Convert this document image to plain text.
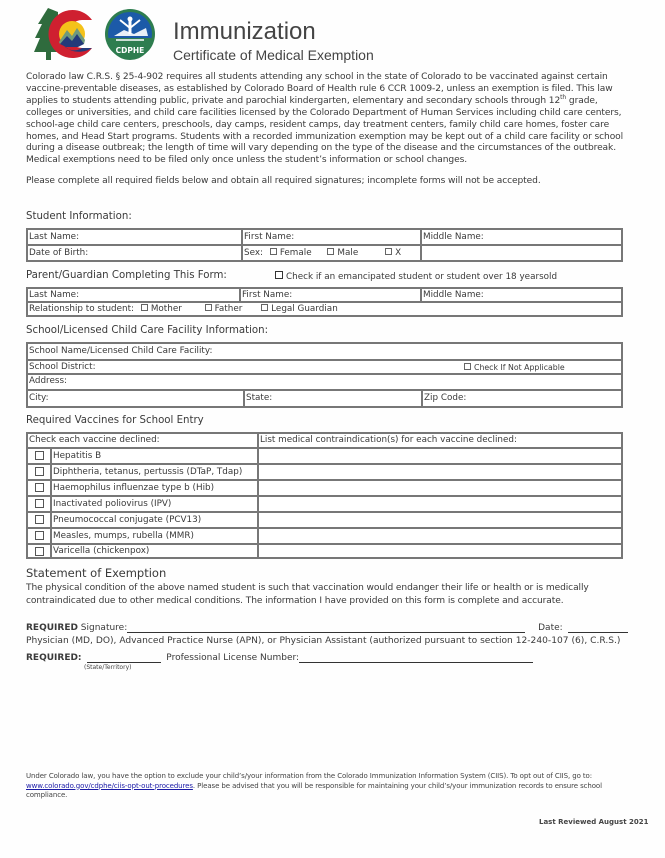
CDPHE
Immunization
Certificate of Medical Exemption
Colorado law C.R.S. § 25-4-902 requires all students attending any school in the state of Colorado to be vaccinated against certain vaccine-preventable diseases, as established by Colorado Board of Health rule 6 CCR 1009-2, unless an exemption is filed. This law applies to students attending public, private and parochial kindergarten, elementary and secondary schools through 12th grade, colleges or universities, and child care facilities licensed by the Colorado Department of Human Services including child care centers, school-age child care centers, preschools, day camps, resident camps, day treatment centers, family child care homes, foster care homes, and Head Start programs. Students with a recorded immunization exemption may be kept out of a child care facility or school during a disease outbreak; the length of time will vary depending on the type of the disease and the circumstances of the outbreak. Medical exemptions need to be filed only once unless the student’s information or school changes.
Please complete all required fields below and obtain all required signatures; incomplete forms will not be accepted.
Student Information:
Last Name:	First Name:	Middle Name:
Date of Birth:	Sex: Female	Male	X
Parent/Guardian Completing This Form:	Check if an emancipated student or student over 18 yearsold
Last Name:	First Name:	Middle Name:
Relationship to student: Mother	Father	Legal Guardian
School/Licensed Child Care Facility Information:
School Name/Licensed Child Care Facility:
School District:	Check If Not Applicable
Address:
City:	State:	Zip Code:
Required Vaccines for School Entry
Check each vaccine declined:	List medical contraindication(s) for each vaccine declined:
Hepatitis B
Diphtheria, tetanus, pertussis (DTaP, Tdap)
Haemophilus influenzae type b (Hib)
Inactivated poliovirus (IPV)
Pneumococcal conjugate (PCV13)
Measles, mumps, rubella (MMR)
Varicella (chickenpox)
Statement of Exemption
The physical condition of the above named student is such that vaccination would endanger their life or health or is medically contraindicated due to other medical conditions. The information I have provided on this form is complete and accurate.
REQUIRED Signature:	Date:
Physician (MD, DO), Advanced Practice Nurse (APN), or Physician Assistant (authorized pursuant to section 12-240-107 (6), C.R.S.)
REQUIRED:	Professional License Number:
(State/Territory)
Under Colorado law, you have the option to exclude your child’s/your information from the Colorado Immunization Information System (CIIS). To opt out of CIIS, go to: www.colorado.gov/cdphe/ciis-opt-out-procedures. Please be advised that you will be responsible for maintaining your child’s/your immunization records to ensure school compliance.
Last Reviewed August 2021
